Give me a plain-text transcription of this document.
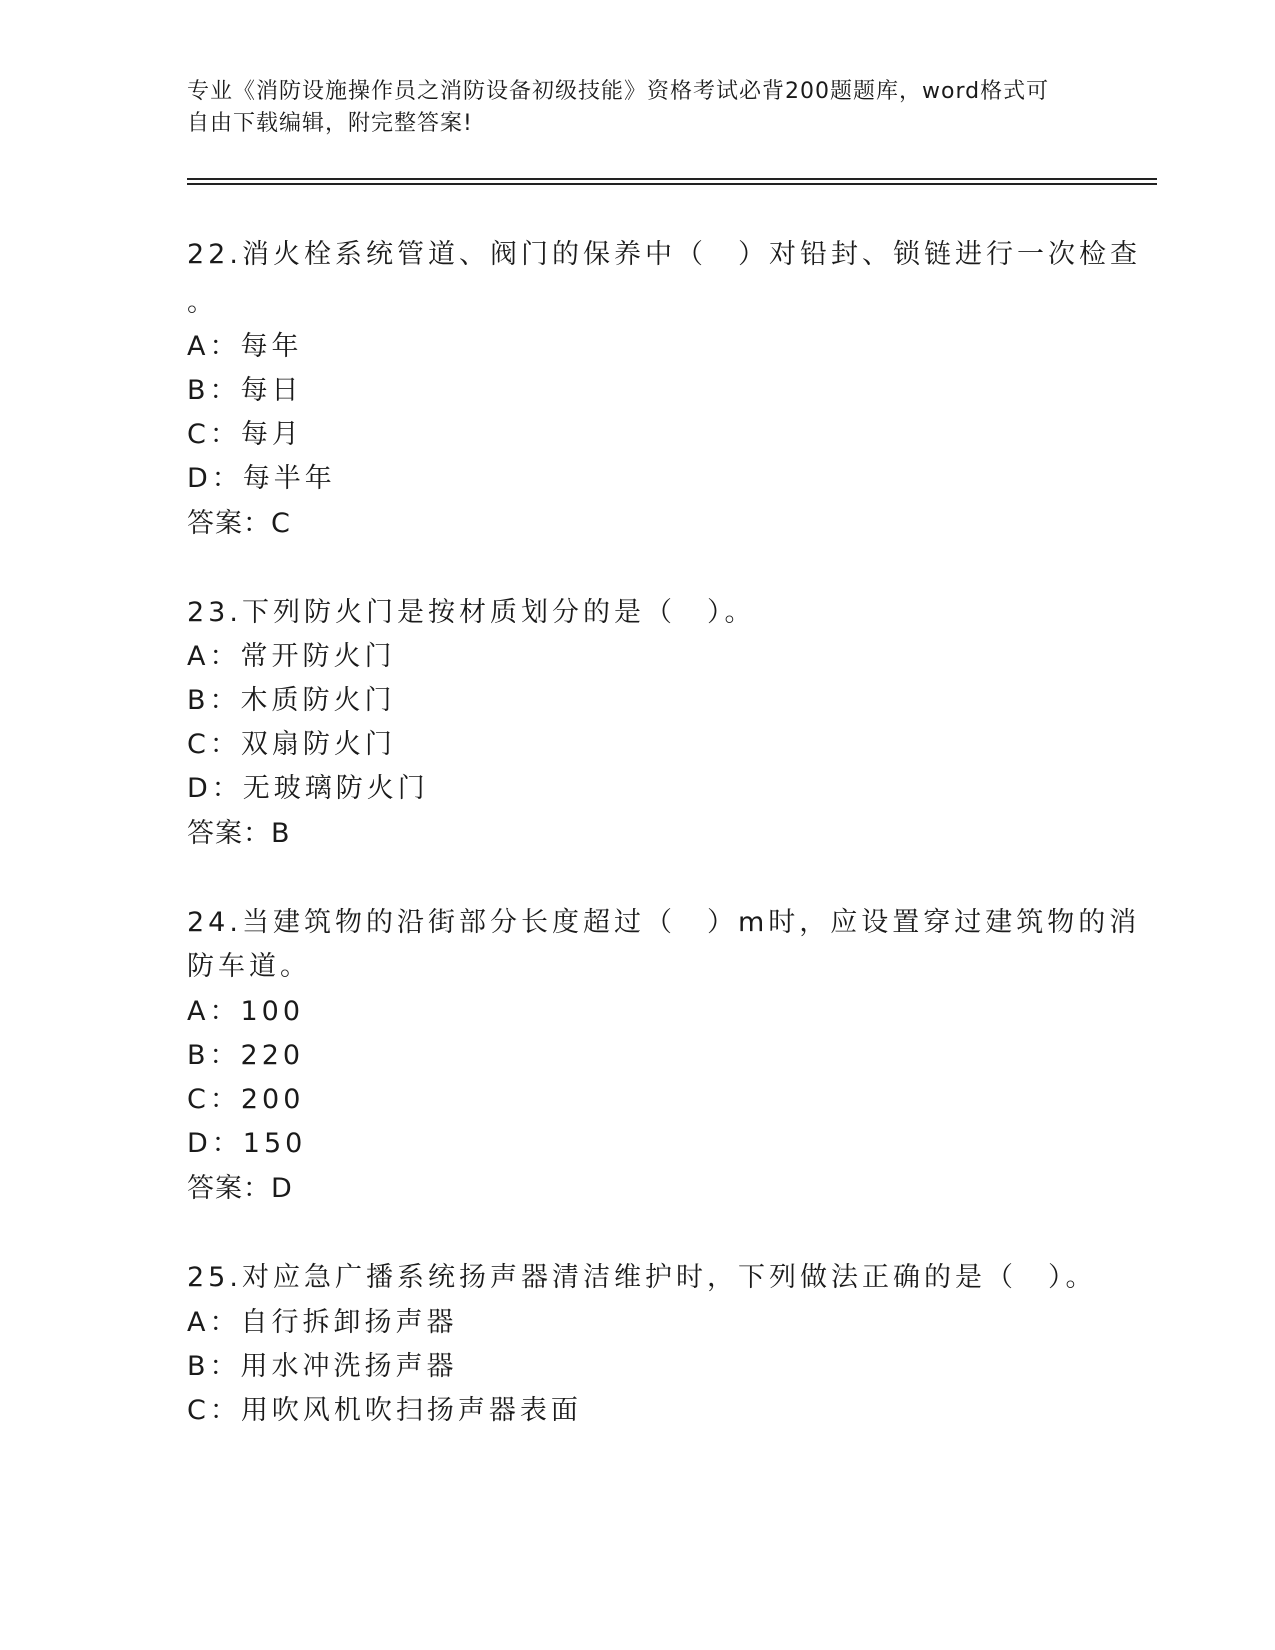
专业《消防设施操作员之消防设备初级技能》资格考试必背200题题库，word格式可自由下载编辑，附完整答案!
22.消火栓系统管道、阀门的保养中（　）对铅封、锁链进行一次检查
。
A：每年
B：每日
C：每月
D：每半年
答案：C
23.下列防火门是按材质划分的是（　）。
A：常开防火门
B：木质防火门
C：双扇防火门
D：无玻璃防火门
答案：B
24.当建筑物的沿街部分长度超过（　）m时，应设置穿过建筑物的消
防车道。
A：100
B：220
C：200
D：150
答案：D
25.对应急广播系统扬声器清洁维护时，下列做法正确的是（　）。
A：自行拆卸扬声器
B：用水冲洗扬声器
C：用吹风机吹扫扬声器表面
